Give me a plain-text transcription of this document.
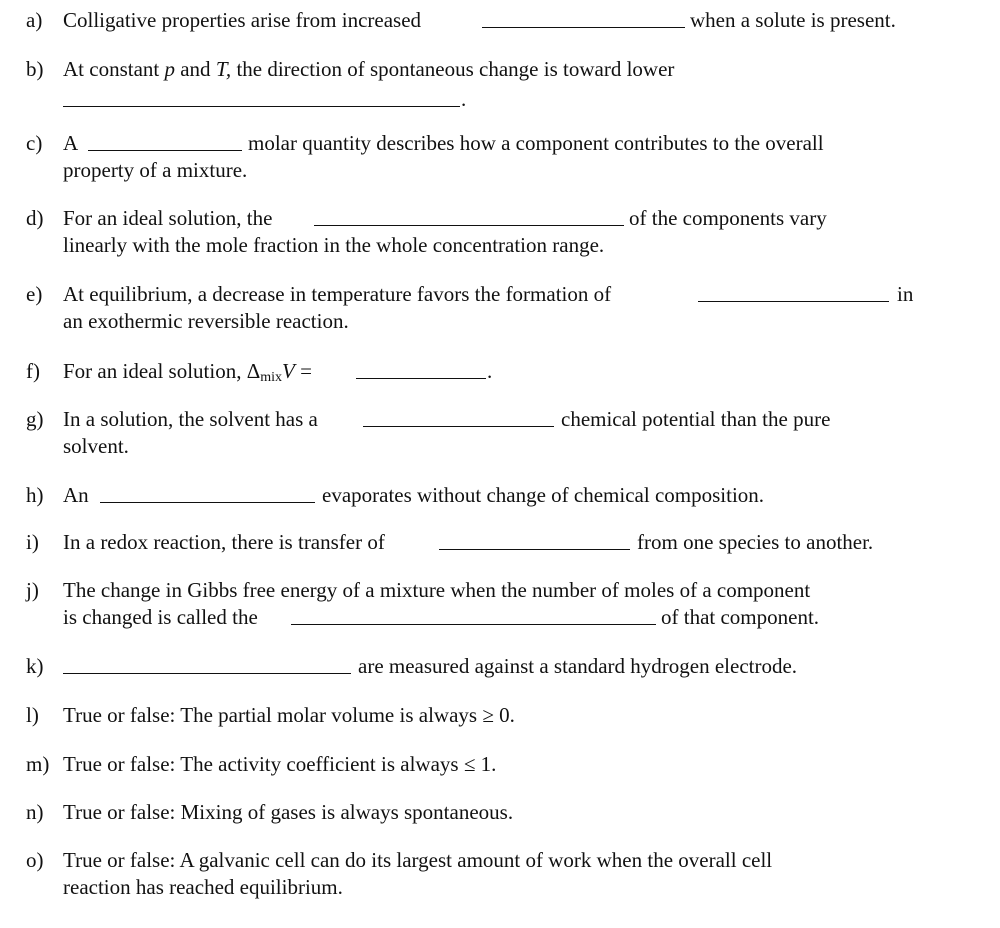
a) Colligative properties arise from increased	when a solute is present.
b) At constant p and T, the direction of spontaneous change is toward lower
.
c) A	molar quantity describes how a component contributes to the overall
property of a mixture.
d) For an ideal solution, the	of the components vary
linearly with the mole fraction in the whole concentration range.
e) At equilibrium, a decrease in temperature favors the formation of	in
an exothermic reversible reaction.
f) For an ideal solution, $\Delta_{mix}V$ =	.
g) In a solution, the solvent has a	chemical potential than the pure
solvent.
h) An	evaporates without change of chemical composition.
i) In a redox reaction, there is transfer of	from one species to another.
j) The change in Gibbs free energy of a mixture when the number of moles of a component
is changed is called the	of that component.
k)	are measured against a standard hydrogen electrode.
l) True or false: The partial molar volume is always ≥ 0.
m) True or false: The activity coefficient is always ≤ 1.
n) True or false: Mixing of gases is always spontaneous.
o) True or false: A galvanic cell can do its largest amount of work when the overall cell
reaction has reached equilibrium.
